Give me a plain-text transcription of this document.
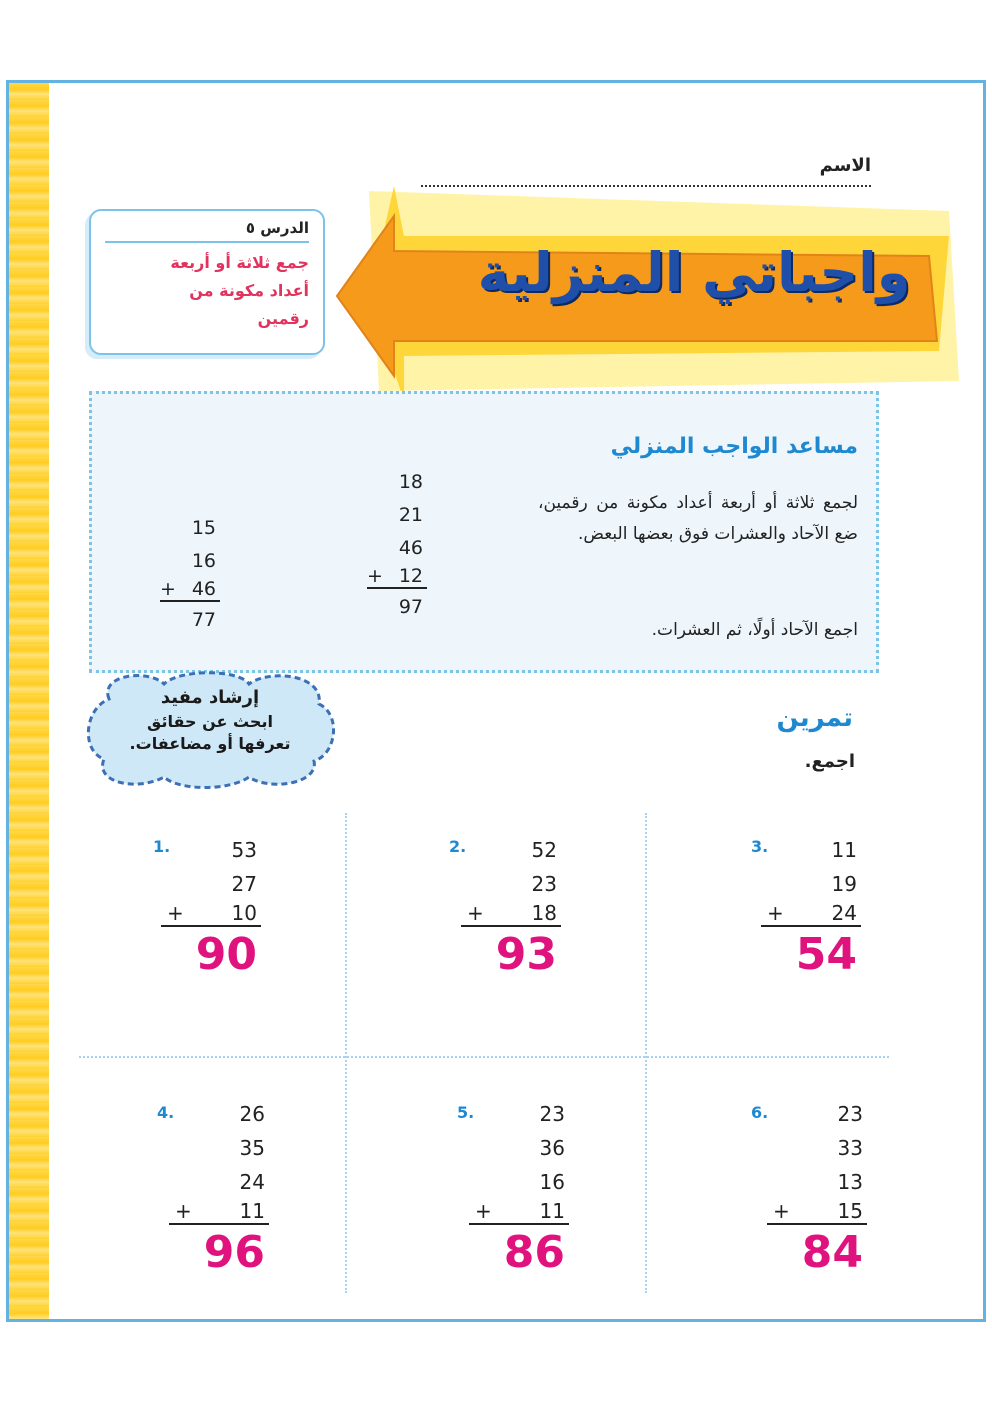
الاسم
واجباتي المنزلية
الدرس ٥
جمع ثلاثة أو أربعة
أعداد مكونة من
رقمين
مساعد الواجب المنزلي
لجمع ثلاثة أو أربعة أعداد مكونة من رقمين، ضع الآحاد والعشرات فوق بعضها البعض.
اجمع الآحاد أولًا، ثم العشرات.
18
21
46
+ 12
97
15
16
+ 46
77
إرشاد مفيد
ابحث عن حقائق
تعرفها أو مضاعفات.
تمرين
اجمع.
1.	53
27
+ 10
90
2.	52
23
+ 18
93
3.	11
19
+ 24
54
4.	26
35
24
+ 11
96
5.	23
36
16
+ 11
86
6.	23
33
13
+ 15
84
